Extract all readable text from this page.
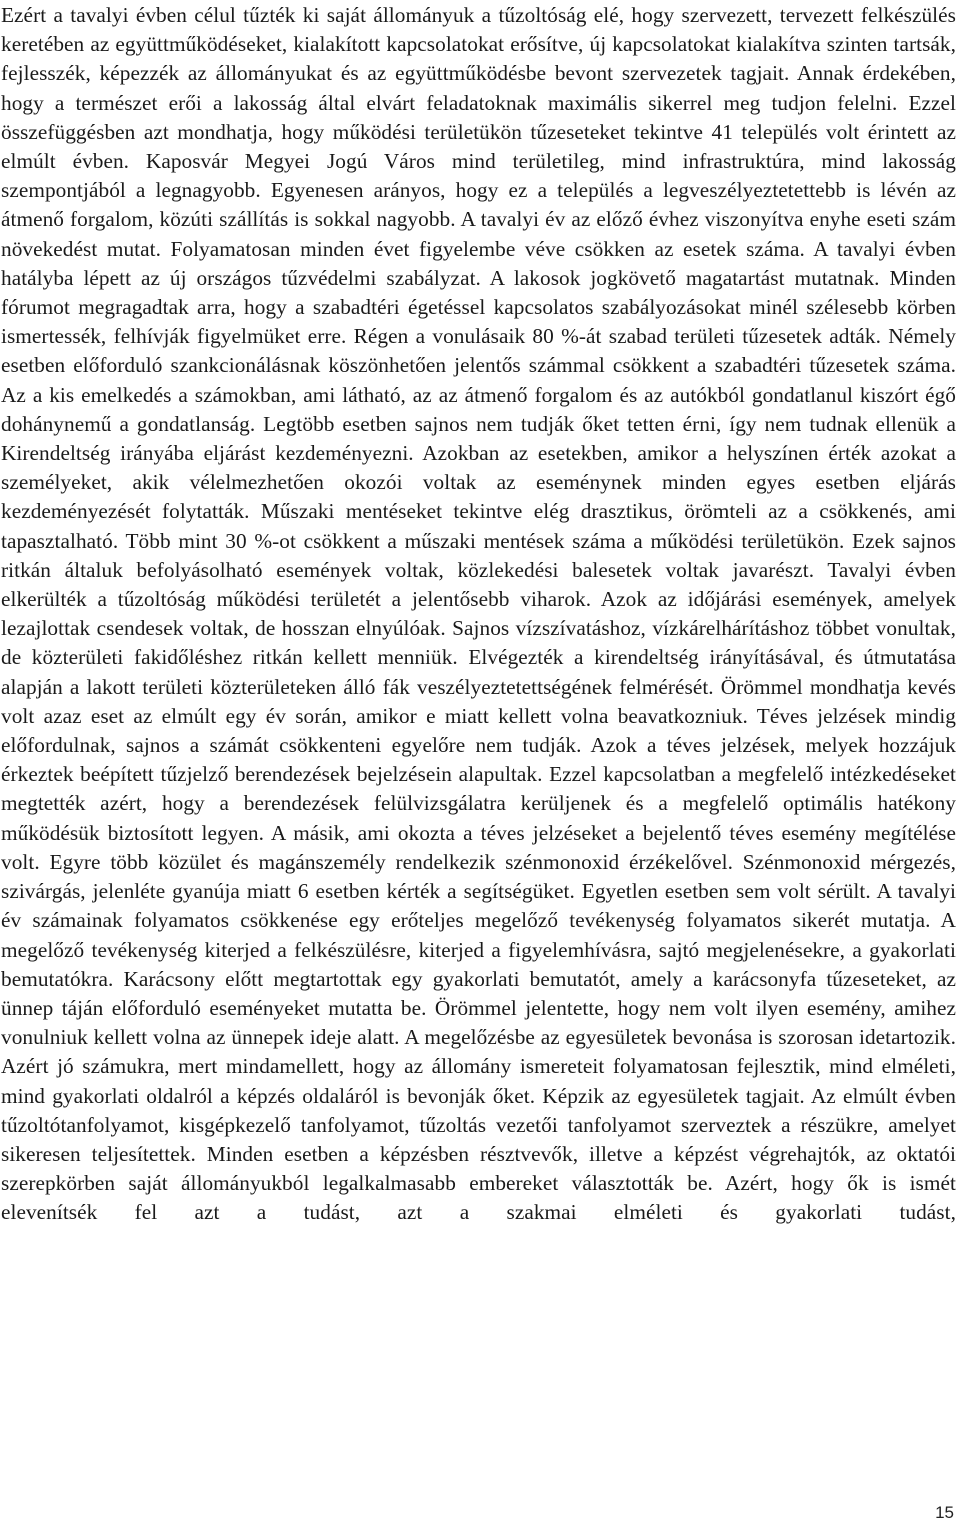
Ezért a tavalyi évben célul tűzték ki saját állományuk a tűzoltóság elé, hogy szervezett, tervezett felkészülés keretében az együttműködéseket, kialakított kapcsolatokat erősítve, új kapcsolatokat kialakítva szinten tartsák, fejlesszék, képezzék az állományukat és az együttműködésbe bevont szervezetek tagjait. Annak érdekében, hogy a természet erői a lakosság által elvárt feladatoknak maximális sikerrel meg tudjon felelni. Ezzel összefüggésben azt mondhatja, hogy működési területükön tűzeseteket tekintve 41 település volt érintett az elmúlt évben. Kaposvár Megyei Jogú Város mind területileg, mind infrastruktúra, mind lakosság szempontjából a legnagyobb. Egyenesen arányos, hogy ez a település a legveszélyeztetettebb is lévén az átmenő forgalom, közúti szállítás is sokkal nagyobb. A tavalyi év az előző évhez viszonyítva enyhe eseti szám növekedést mutat. Folyamatosan minden évet figyelembe véve csökken az esetek száma. A tavalyi évben hatályba lépett az új országos tűzvédelmi szabályzat. A lakosok jogkövető magatartást mutatnak. Minden fórumot megragadtak arra, hogy a szabadtéri égetéssel kapcsolatos szabályozásokat minél szélesebb körben ismertessék, felhívják figyelmüket erre. Régen a vonulásaik 80 %-át szabad területi tűzesetek adták. Némely esetben előforduló szankcionálásnak köszönhetően jelentős számmal csökkent a szabadtéri tűzesetek száma. Az a kis emelkedés a számokban, ami látható, az az átmenő forgalom és az autókból gondatlanul kiszórt égő dohánynemű a gondatlanság. Legtöbb esetben sajnos nem tudják őket tetten érni, így nem tudnak ellenük a Kirendeltség irányába eljárást kezdeményezni. Azokban az esetekben, amikor a helyszínen érték azokat a személyeket, akik vélelmezhetően okozói voltak az eseménynek minden egyes esetben eljárás kezdeményezését folytatták. Műszaki mentéseket tekintve elég drasztikus, örömteli az a csökkenés, ami tapasztalható. Több mint 30 %-ot csökkent a műszaki mentések száma a működési területükön. Ezek sajnos ritkán általuk befolyásolható események voltak, közlekedési balesetek voltak javarészt. Tavalyi évben elkerülték a tűzoltóság működési területét a jelentősebb viharok. Azok az időjárási események, amelyek lezajlottak csendesek voltak, de hosszan elnyúlóak. Sajnos vízszívatáshoz, vízkárelhárításhoz többet vonultak, de közterületi fakidőléshez ritkán kellett menniük. Elvégezték a kirendeltség irányításával, és útmutatása alapján a lakott területi közterületeken álló fák veszélyeztetettségének felmérését. Örömmel mondhatja kevés volt azaz eset az elmúlt egy év során, amikor e miatt kellett volna beavatkozniuk. Téves jelzések mindig előfordulnak, sajnos a számát csökkenteni egyelőre nem tudják. Azok a téves jelzések, melyek hozzájuk érkeztek beépített tűzjelző berendezések bejelzésein alapultak. Ezzel kapcsolatban a megfelelő intézkedéseket megtették azért, hogy a berendezések felülvizsgálatra kerüljenek és a megfelelő optimális hatékony működésük biztosított legyen. A másik, ami okozta a téves jelzéseket a bejelentő téves esemény megítélése volt. Egyre több közület és magánszemély rendelkezik szénmonoxid érzékelővel. Szénmonoxid mérgezés, szivárgás, jelenléte gyanúja miatt 6 esetben kérték a segítségüket. Egyetlen esetben sem volt sérült. A tavalyi év számainak folyamatos csökkenése egy erőteljes megelőző tevékenység folyamatos sikerét mutatja. A megelőző tevékenység kiterjed a felkészülésre, kiterjed a figyelemhívásra, sajtó megjelenésekre, a gyakorlati bemutatókra. Karácsony előtt megtartottak egy gyakorlati bemutatót, amely a karácsonyfa tűzeseteket, az ünnep táján előforduló eseményeket mutatta be. Örömmel jelentette, hogy nem volt ilyen esemény, amihez vonulniuk kellett volna az ünnepek ideje alatt. A megelőzésbe az egyesületek bevonása is szorosan idetartozik. Azért jó számukra, mert mindamellett, hogy az állomány ismereteit folyamatosan fejlesztik, mind elméleti, mind gyakorlati oldalról a képzés oldaláról is bevonják őket. Képzik az egyesületek tagjait. Az elmúlt évben tűzoltótanfolyamot, kisgépkezelő tanfolyamot, tűzoltás vezetői tanfolyamot szerveztek a részükre, amelyet sikeresen teljesítettek. Minden esetben a képzésben résztvevők, illetve a képzést végrehajtók, az oktatói szerepkörben saját állományukból legalkalmasabb embereket választották be. Azért, hogy ők is ismét elevenítsék fel azt a tudást, azt a szakmai elméleti és gyakorlati tudást,

15
